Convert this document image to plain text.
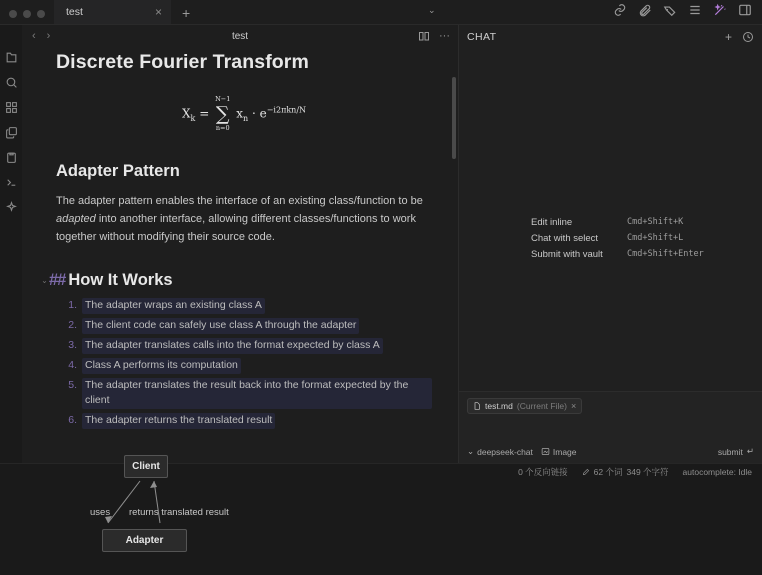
test	×	+	⌄
‹ ›	test	···
Discrete Fourier Transform
$X_k$ =
N−1
∑
n=0
$x_n \cdot e^{-i2\pi kn/N}$
Adapter Pattern

The adapter pattern enables the interface of an existing class/function to be adapted into another interface, allowing different classes/functions to work together without modifying their source code.

⌄ ## How It Works
1. The adapter wraps an existing class A
2. The client code can safely use class A through the adapter
3. The adapter translates calls into the format expected by class A
4. Class A performs its computation
5. The adapter translates the result back into the format expected by the client
6. The adapter returns the translated result
Client
uses returns translated result
Adapter
CHAT	+
Edit inline	Cmd+Shift+K
Chat with select	Cmd+Shift+L
Submit with vault	Cmd+Shift+Enter
test.md (Current File) ×
⌄ deepseek-chat Image	submit ↵
0 个反向链接	62 个词 349 个字符 autocomplete: Idle
